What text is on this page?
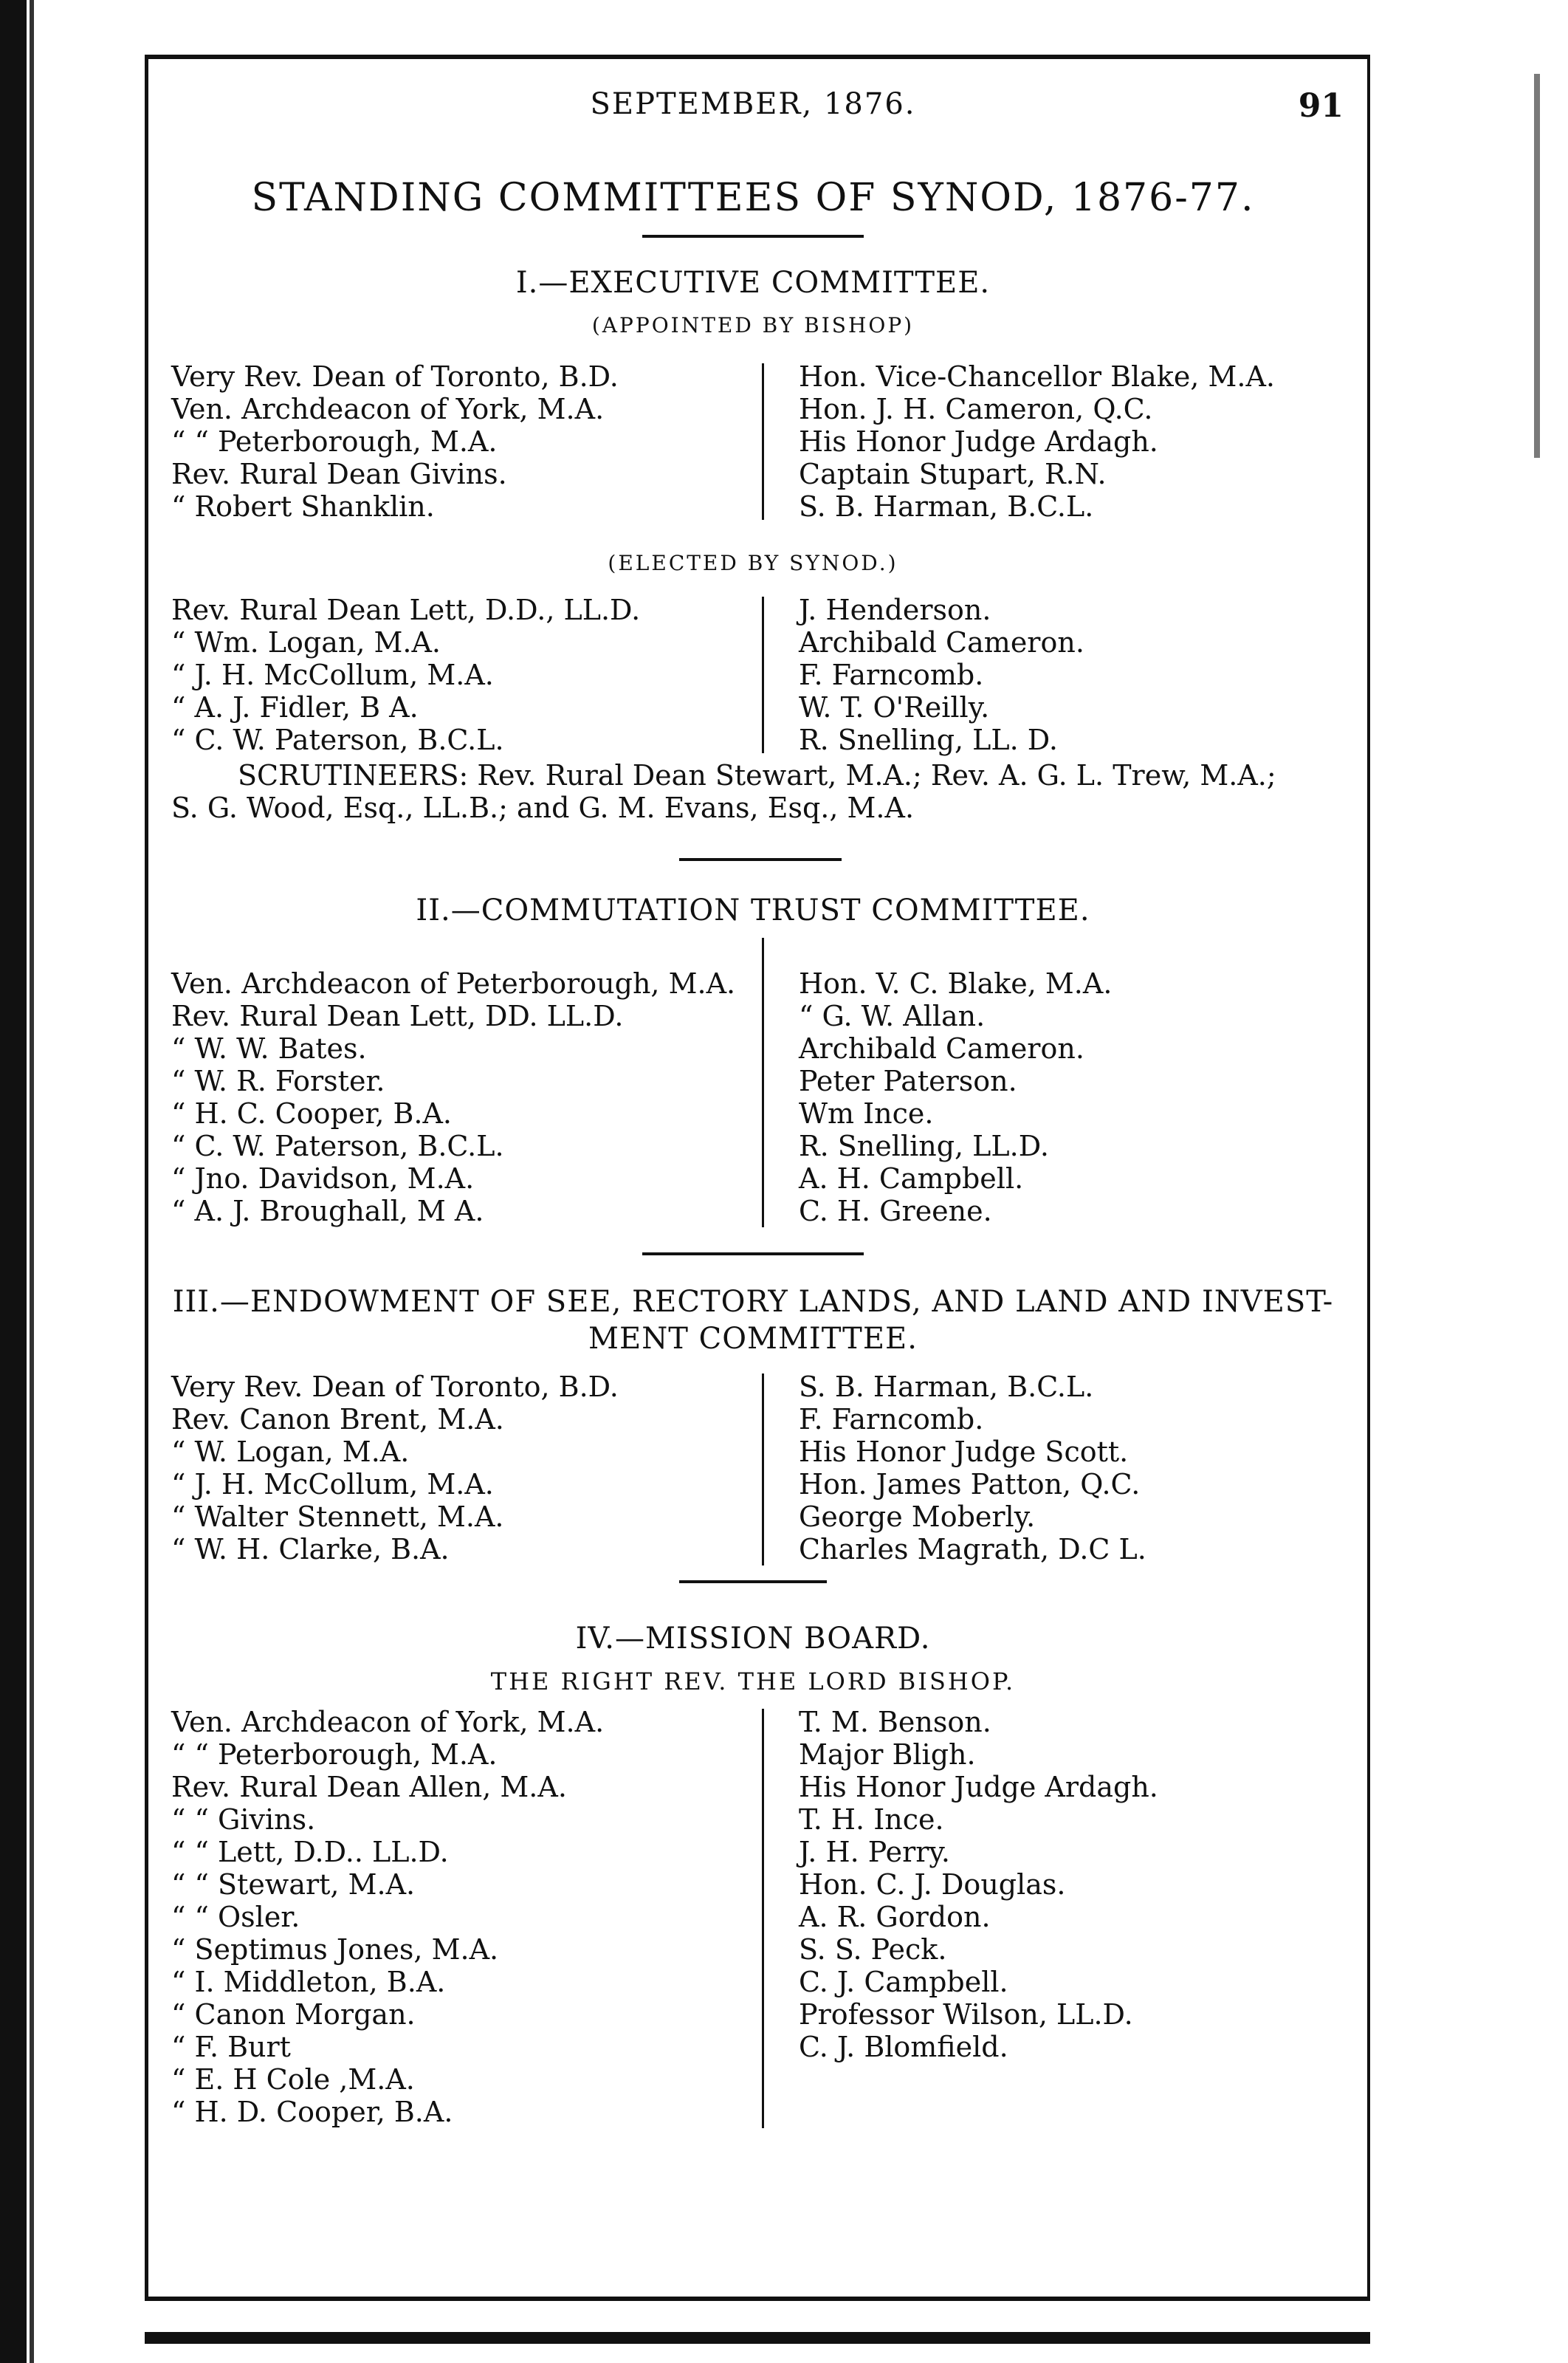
SEPTEMBER, 1876.	91
STANDING COMMITTEES OF SYNOD, 1876-77.
I.—EXECUTIVE COMMITTEE.
(APPOINTED BY BISHOP)
Very Rev. Dean of Toronto, B.D.
Ven. Archdeacon of York, M.A.
“ “ Peterborough, M.A.
Rev. Rural Dean Givins.
“ Robert Shanklin.
Hon. Vice-Chancellor Blake, M.A.
Hon. J. H. Cameron, Q.C.
His Honor Judge Ardagh.
Captain Stupart, R.N.
S. B. Harman, B.C.L.
(ELECTED BY SYNOD.)
Rev. Rural Dean Lett, D.D., LL.D.
“ Wm. Logan, M.A.
“ J. H. McCollum, M.A.
“ A. J. Fidler, B A.
“ C. W. Paterson, B.C.L.
J. Henderson.
Archibald Cameron.
F. Farncomb.
W. T. O'Reilly.
R. Snelling, LL. D.

SCRUTINEERS: Rev. Rural Dean Stewart, M.A.; Rev. A. G. L. Trew, M.A.;

S. G. Wood, Esq., LL.B.; and G. M. Evans, Esq., M.A.

II.—COMMUTATION TRUST COMMITTEE.
Ven. Archdeacon of Peterborough, M.A.
Rev. Rural Dean Lett, DD. LL.D.
“ W. W. Bates.
“ W. R. Forster.
“ H. C. Cooper, B.A.
“ C. W. Paterson, B.C.L.
“ Jno. Davidson, M.A.
“ A. J. Broughall, M A.
Hon. V. C. Blake, M.A.
“ G. W. Allan.
Archibald Cameron.
Peter Paterson.
Wm Ince.
R. Snelling, LL.D.
A. H. Campbell.
C. H. Greene.
III.—ENDOWMENT OF SEE, RECTORY LANDS, AND LAND AND INVEST-
MENT COMMITTEE.
Very Rev. Dean of Toronto, B.D.
Rev. Canon Brent, M.A.
“ W. Logan, M.A.
“ J. H. McCollum, M.A.
“ Walter Stennett, M.A.
“ W. H. Clarke, B.A.
S. B. Harman, B.C.L.
F. Farncomb.
His Honor Judge Scott.
Hon. James Patton, Q.C.
George Moberly.
Charles Magrath, D.C L.
IV.—MISSION BOARD.
THE RIGHT REV. THE LORD BISHOP.
Ven. Archdeacon of York, M.A.
“ “ Peterborough, M.A.
Rev. Rural Dean Allen, M.A.
“ “ Givins.
“ “ Lett, D.D.. LL.D.
“ “ Stewart, M.A.
“ “ Osler.
“ Septimus Jones, M.A.
“ I. Middleton, B.A.
“ Canon Morgan.
“ F. Burt
“ E. H Cole ,M.A.
“ H. D. Cooper, B.A.
T. M. Benson.
Major Bligh.
His Honor Judge Ardagh.
T. H. Ince.
J. H. Perry.
Hon. C. J. Douglas.
A. R. Gordon.
S. S. Peck.
C. J. Campbell.
Professor Wilson, LL.D.
C. J. Blomfield.
